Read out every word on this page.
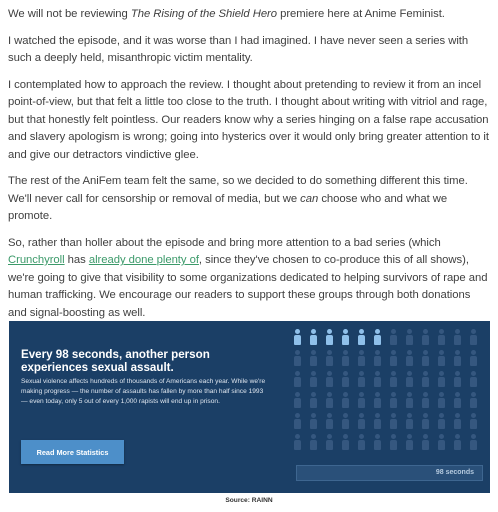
We will not be reviewing The Rising of the Shield Hero premiere here at Anime Feminist.

I watched the episode, and it was worse than I had imagined. I have never seen a series with such a deeply held, misanthropic victim mentality.

I contemplated how to approach the review. I thought about pretending to review it from an incel point-of-view, but that felt a little too close to the truth. I thought about writing with vitriol and rage, but that honestly felt pointless. Our readers know why a series hinging on a false rape accusation and slavery apologism is wrong; going into hysterics over it would only bring greater attention to it and give our detractors vindictive glee.

The rest of the AniFem team felt the same, so we decided to do something different this time. We'll never call for censorship or removal of media, but we can choose who and what we promote.

So, rather than holler about the episode and bring more attention to a bad series (which Crunchyroll has already done plenty of, since they've chosen to co-produce this of all shows), we're going to give that visibility to some organizations dedicated to helping survivors of rape and human trafficking. We encourage our readers to support these groups through both donations and signal-boosting as well.

Every 98 seconds, another person experiences sexual assault.

Sexual violence affects hundreds of thousands of Americans each year. While we're making progress — the number of assaults has fallen by more than half since 1993 — even today, only 5 out of every 1,000 rapists will end up in prison.

Read More Statistics
98 seconds

Source: RAINN
